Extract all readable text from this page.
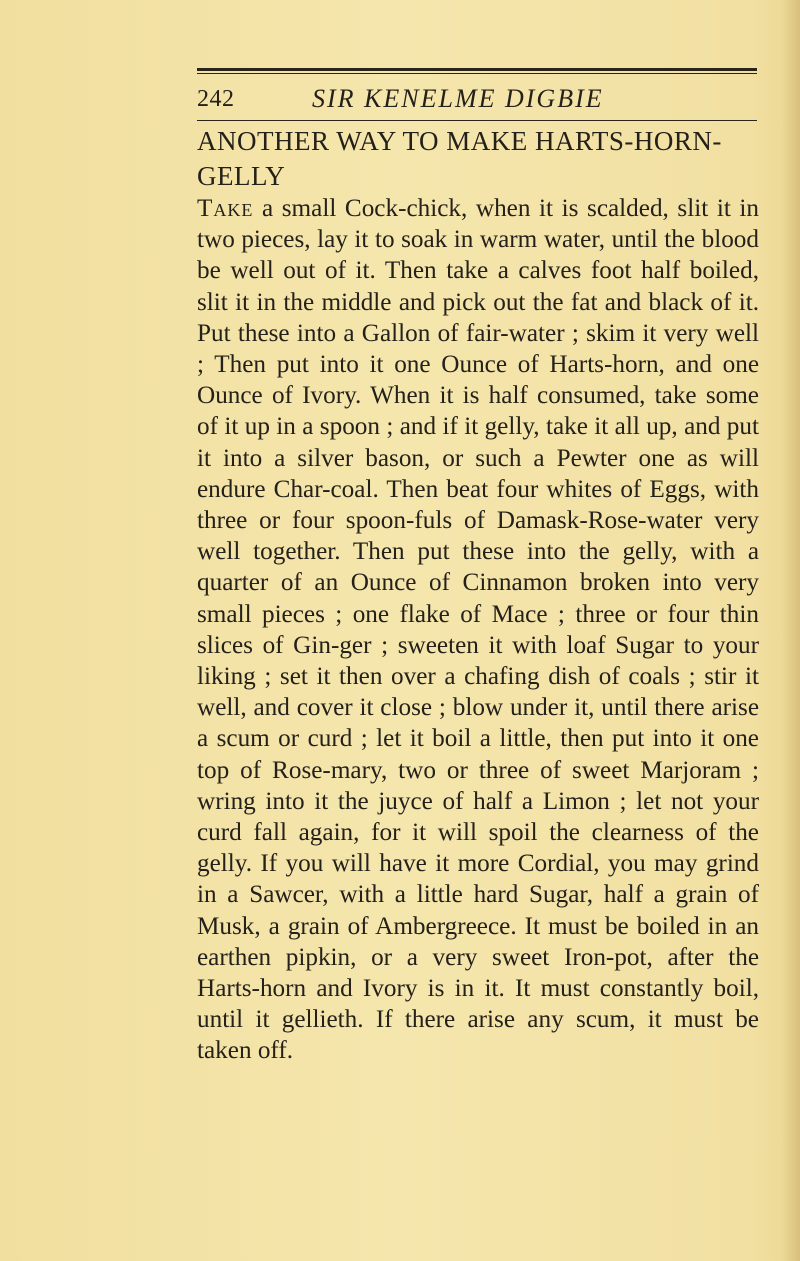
242	SIR KENELME DIGBIE
ANOTHER WAY TO MAKE HARTS-HORN-GELLY

Take a small Cock-chick, when it is scalded, slit it in two pieces, lay it to soak in warm water, until the blood be well out of it. Then take a calves foot half boiled, slit it in the middle and pick out the fat and black of it. Put these into a Gallon of fair-water ; skim it very well ; Then put into it one Ounce of Harts-horn, and one Ounce of Ivory. When it is half consumed, take some of it up in a spoon ; and if it gelly, take it all up, and put it into a silver bason, or such a Pewter one as will endure Char-coal. Then beat four whites of Eggs, with three or four spoon-fuls of Damask-Rose-water very well together. Then put these into the gelly, with a quarter of an Ounce of Cinnamon broken into very small pieces ; one flake of Mace ; three or four thin slices of Gin-ger ; sweeten it with loaf Sugar to your liking ; set it then over a chafing dish of coals ; stir it well, and cover it close ; blow under it, until there arise a scum or curd ; let it boil a little, then put into it one top of Rose-mary, two or three of sweet Marjoram ; wring into it the juyce of half a Limon ; let not your curd fall again, for it will spoil the clearness of the gelly. If you will have it more Cordial, you may grind in a Sawcer, with a little hard Sugar, half a grain of Musk, a grain of Ambergreece. It must be boiled in an earthen pipkin, or a very sweet Iron-pot, after the Harts-horn and Ivory is in it. It must constantly boil, until it gellieth. If there arise any scum, it must be taken off.
